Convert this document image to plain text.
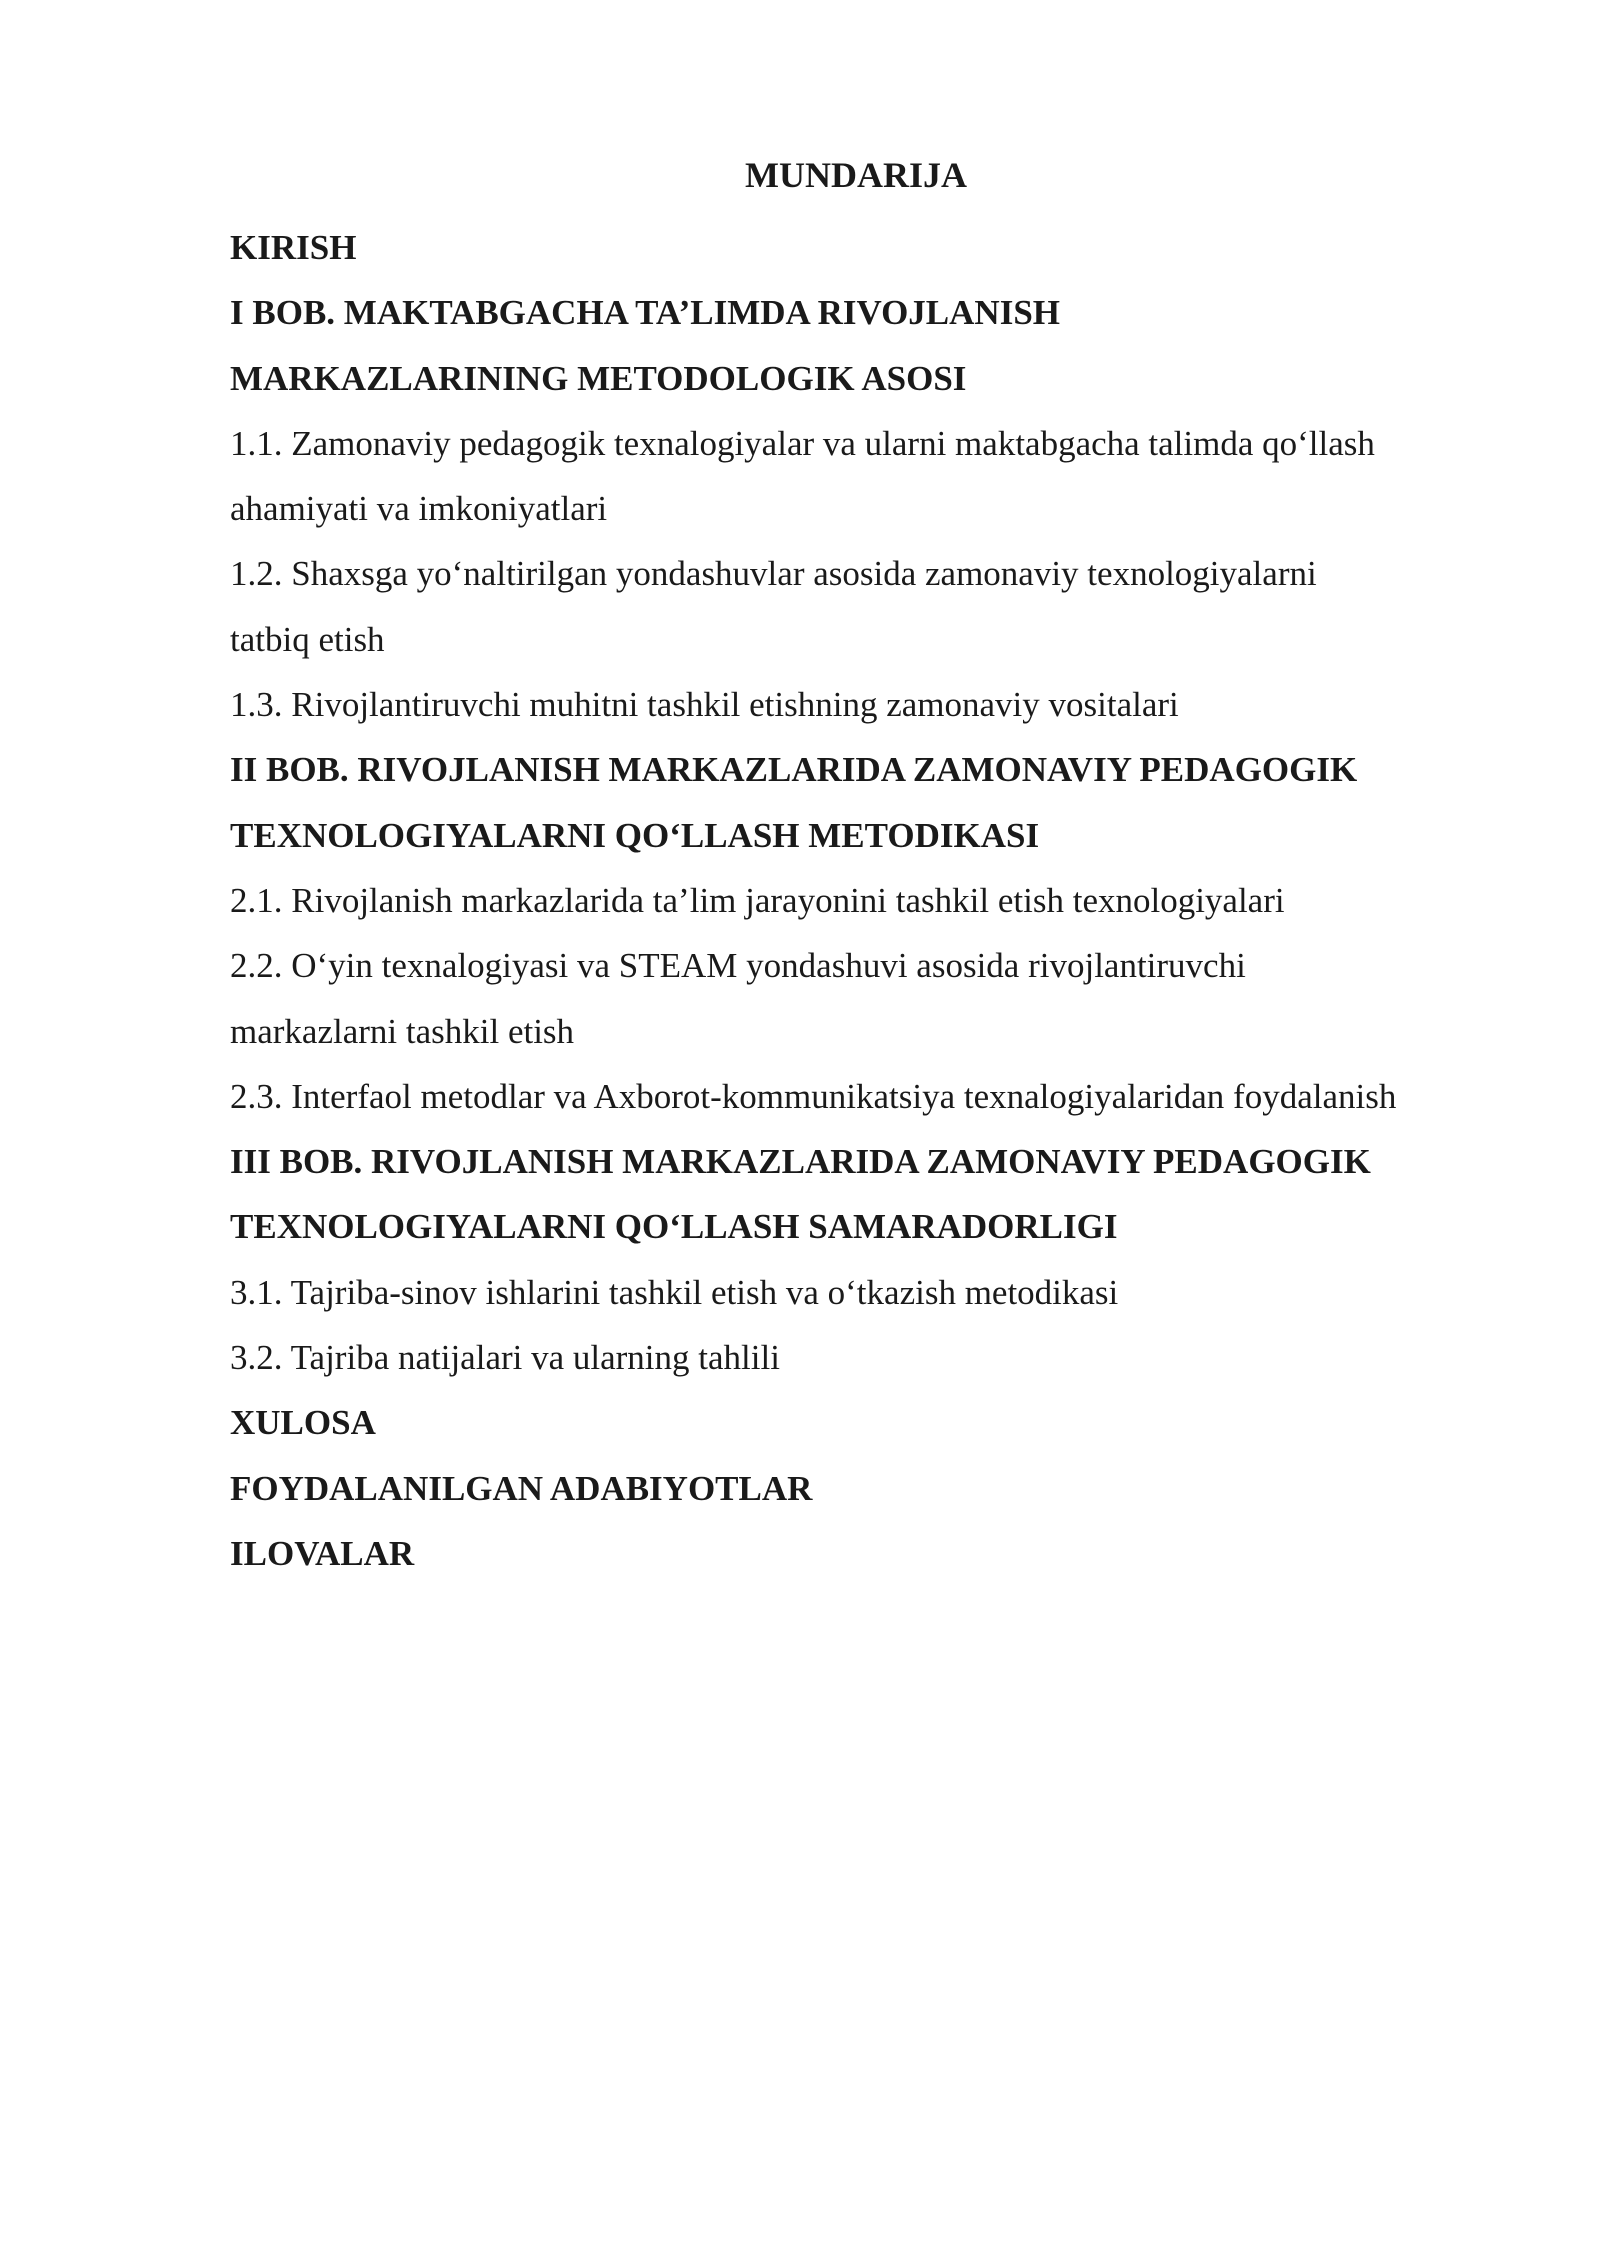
MUNDARIJA
KIRISH
I BOB. MAKTABGACHA TA’LIMDA RIVOJLANISH
MARKAZLARINING METODOLOGIK ASOSI
1.1. Zamonaviy pedagogik texnalogiyalar va ularni maktabgacha talimda qo‘llash
ahamiyati va imkoniyatlari
1.2. Shaxsga yo‘naltirilgan yondashuvlar asosida zamonaviy texnologiyalarni
tatbiq etish
1.3. Rivojlantiruvchi muhitni tashkil etishning zamonaviy vositalari
II BOB. RIVOJLANISH MARKAZLARIDA ZAMONAVIY PEDAGOGIK
TEXNOLOGIYALARNI QO‘LLASH METODIKASI
2.1. Rivojlanish markazlarida ta’lim jarayonini tashkil etish texnologiyalari
2.2. O‘yin texnalogiyasi va STEAM yondashuvi asosida rivojlantiruvchi
markazlarni tashkil etish
2.3. Interfaol metodlar va Axborot-kommunikatsiya texnalogiyalaridan foydalanish
III BOB. RIVOJLANISH MARKAZLARIDA ZAMONAVIY PEDAGOGIK
TEXNOLOGIYALARNI QO‘LLASH SAMARADORLIGI
3.1. Tajriba-sinov ishlarini tashkil etish va o‘tkazish metodikasi
3.2. Tajriba natijalari va ularning tahlili
XULOSA
FOYDALANILGAN ADABIYOTLAR
ILOVALAR
